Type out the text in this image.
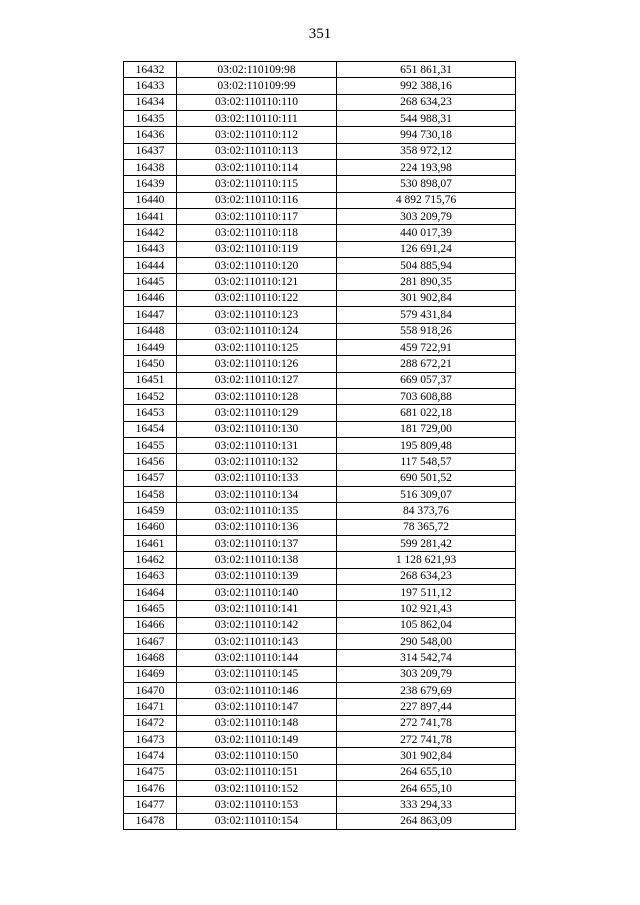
351
16432	03:02:110109:98	651 861,31
16433	03:02:110109:99	992 388,16
16434	03:02:110110:110	268 634,23
16435	03:02:110110:111	544 988,31
16436	03:02:110110:112	994 730,18
16437	03:02:110110:113	358 972,12
16438	03:02:110110:114	224 193,98
16439	03:02:110110:115	530 898,07
16440	03:02:110110:116	4 892 715,76
16441	03:02:110110:117	303 209,79
16442	03:02:110110:118	440 017,39
16443	03:02:110110:119	126 691,24
16444	03:02:110110:120	504 885,94
16445	03:02:110110:121	281 890,35
16446	03:02:110110:122	301 902,84
16447	03:02:110110:123	579 431,84
16448	03:02:110110:124	558 918,26
16449	03:02:110110:125	459 722,91
16450	03:02:110110:126	288 672,21
16451	03:02:110110:127	669 057,37
16452	03:02:110110:128	703 608,88
16453	03:02:110110:129	681 022,18
16454	03:02:110110:130	181 729,00
16455	03:02:110110:131	195 809,48
16456	03:02:110110:132	117 548,57
16457	03:02:110110:133	690 501,52
16458	03:02:110110:134	516 309,07
16459	03:02:110110:135	84 373,76
16460	03:02:110110:136	78 365,72
16461	03:02:110110:137	599 281,42
16462	03:02:110110:138	1 128 621,93
16463	03:02:110110:139	268 634,23
16464	03:02:110110:140	197 511,12
16465	03:02:110110:141	102 921,43
16466	03:02:110110:142	105 862,04
16467	03:02:110110:143	290 548,00
16468	03:02:110110:144	314 542,74
16469	03:02:110110:145	303 209,79
16470	03:02:110110:146	238 679,69
16471	03:02:110110:147	227 897,44
16472	03:02:110110:148	272 741,78
16473	03:02:110110:149	272 741,78
16474	03:02:110110:150	301 902,84
16475	03:02:110110:151	264 655,10
16476	03:02:110110:152	264 655,10
16477	03:02:110110:153	333 294,33
16478	03:02:110110:154	264 863,09
